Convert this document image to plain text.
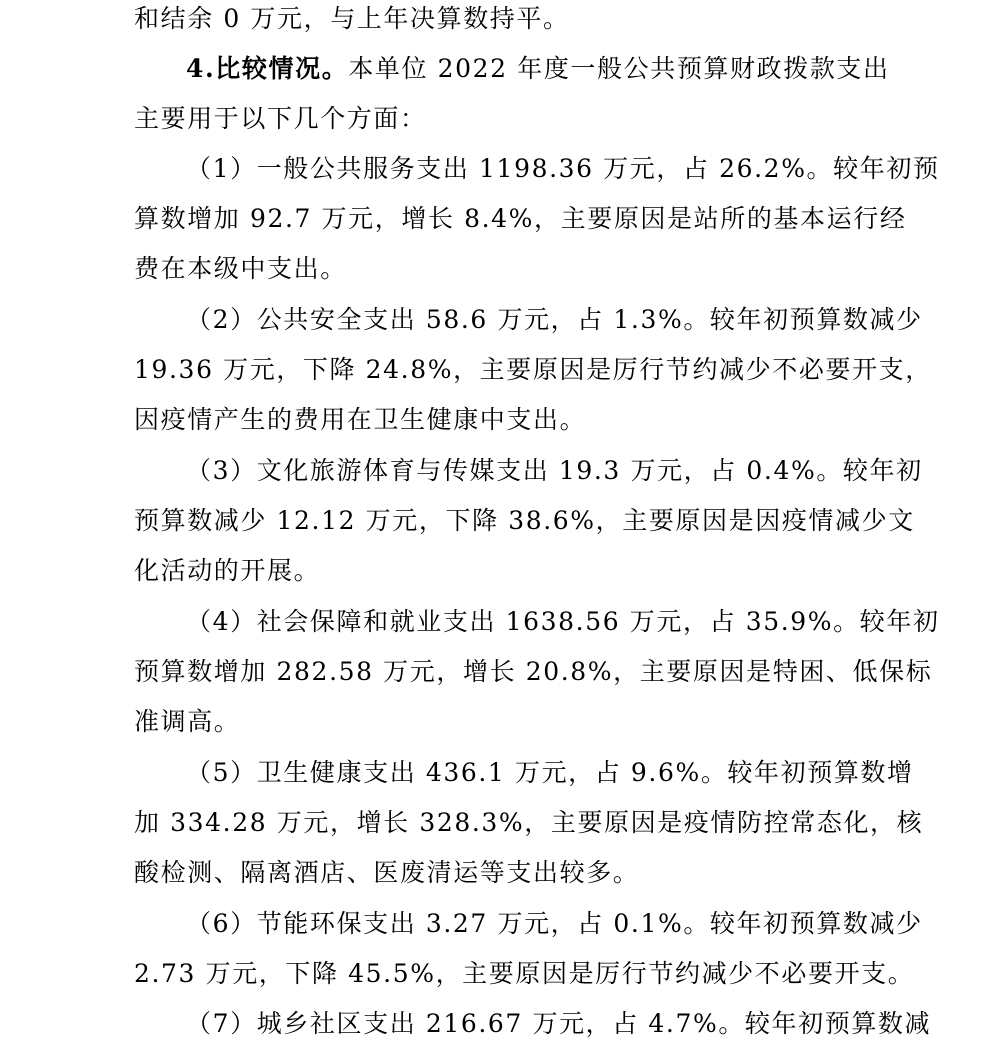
和结余 0 万元，与上年决算数持平。
4.比较情况。本单位 2022 年度一般公共预算财政拨款支出
主要用于以下几个方面：
（1）一般公共服务支出 1198.36 万元，占 26.2%。较年初预
算数增加 92.7 万元，增长 8.4%，主要原因是站所的基本运行经
费在本级中支出。
（2）公共安全支出 58.6 万元，占 1.3%。较年初预算数减少
19.36 万元，下降 24.8%，主要原因是厉行节约减少不必要开支，
因疫情产生的费用在卫生健康中支出。
（3）文化旅游体育与传媒支出 19.3 万元，占 0.4%。较年初
预算数减少 12.12 万元，下降 38.6%，主要原因是因疫情减少文
化活动的开展。
（4）社会保障和就业支出 1638.56 万元，占 35.9%。较年初
预算数增加 282.58 万元，增长 20.8%，主要原因是特困、低保标
准调高。
（5）卫生健康支出 436.1 万元，占 9.6%。较年初预算数增
加 334.28 万元，增长 328.3%，主要原因是疫情防控常态化，核
酸检测、隔离酒店、医废清运等支出较多。
（6）节能环保支出 3.27 万元，占 0.1%。较年初预算数减少
2.73 万元，下降 45.5%，主要原因是厉行节约减少不必要开支。
（7）城乡社区支出 216.67 万元，占 4.7%。较年初预算数减
